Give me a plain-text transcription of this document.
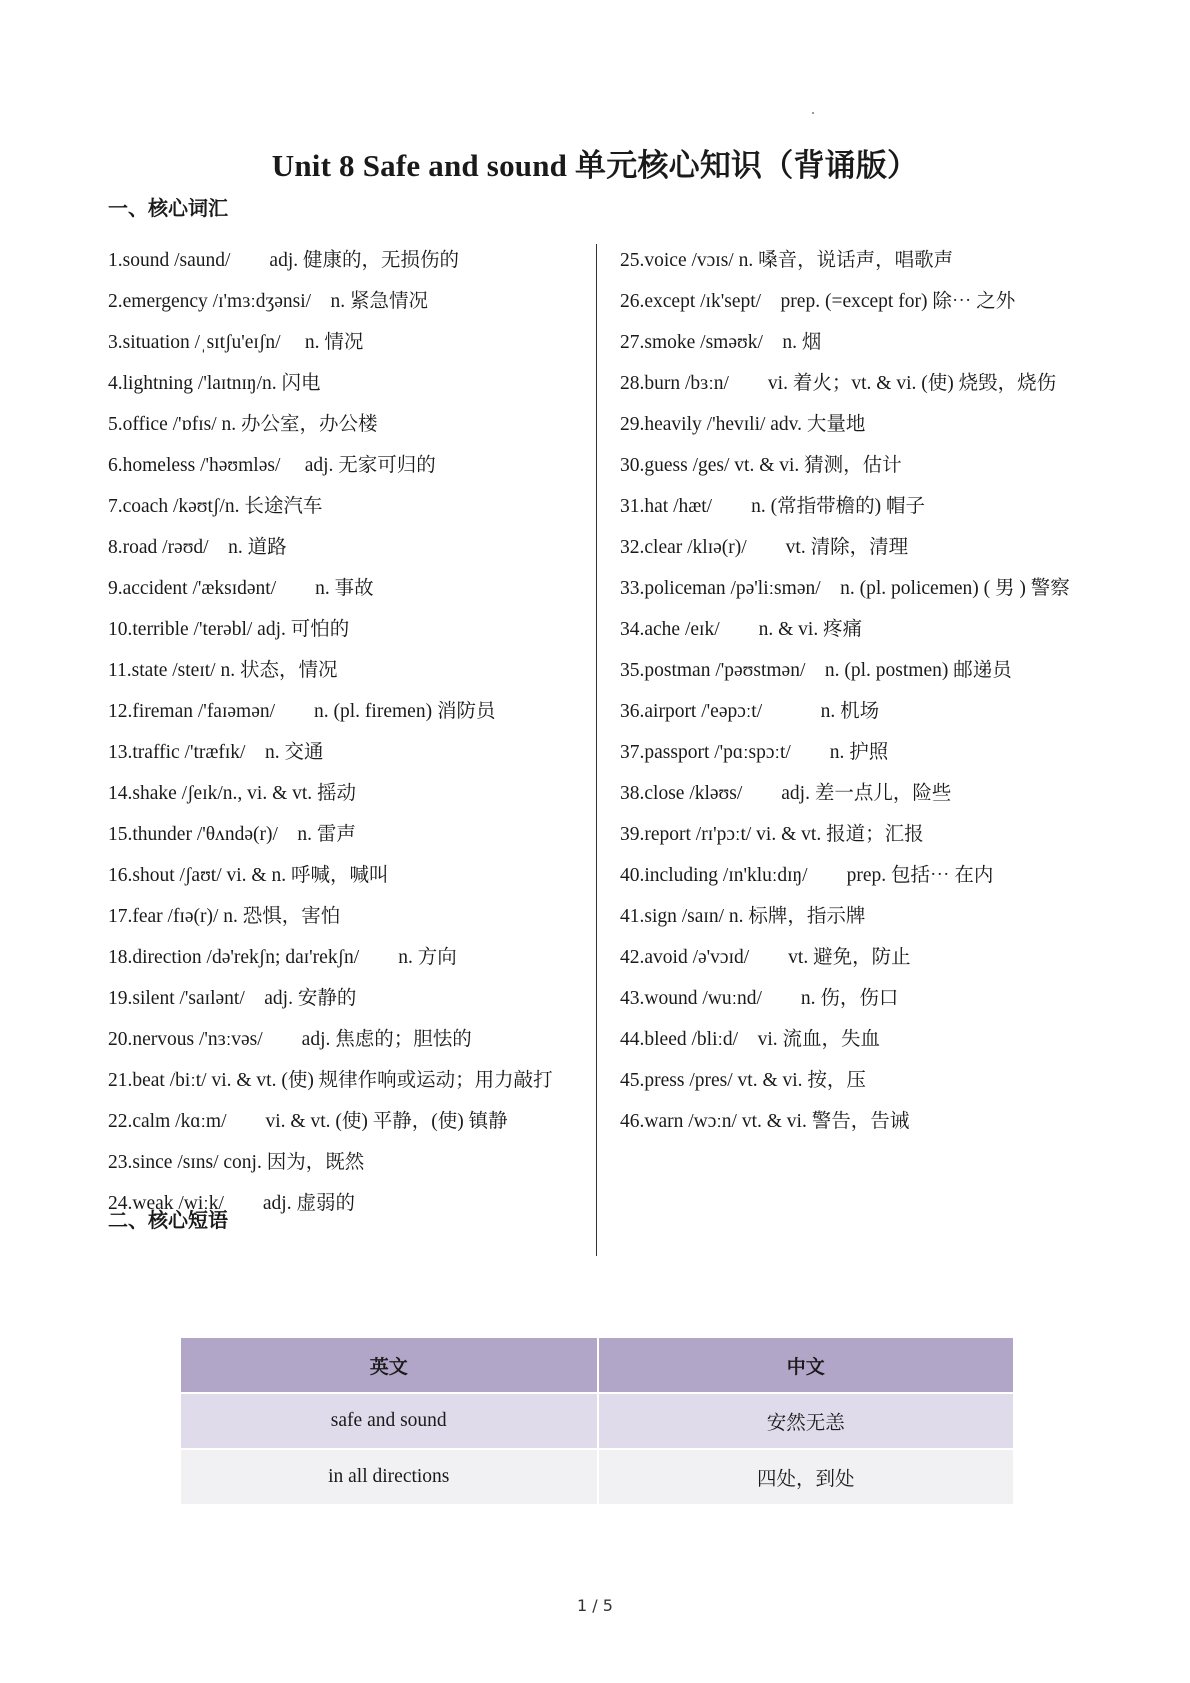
Unit 8 Safe and sound 单元核心知识（背诵版）
一、核心词汇

1.sound /saund/　　adj. 健康的，无损伤的

2.emergency /ɪ'mɜːdʒənsi/　n. 紧急情况

3.situation /ˌsɪtʃu'eɪʃn/　 n. 情况

4.lightning /'laɪtnɪŋ/n. 闪电

5.office /'ɒfɪs/ n. 办公室，办公楼

6.homeless /'həʊmləs/　 adj. 无家可归的

7.coach /kəʊtʃ/n. 长途汽车

8.road /rəʊd/　n. 道路

9.accident /'æksɪdənt/　　n. 事故

10.terrible /'terəbl/ adj. 可怕的

11.state /steɪt/ n. 状态，情况

12.fireman /'faɪəmən/　　n. (pl. firemen) 消防员

13.traffic /'træfɪk/　n. 交通

14.shake /ʃeɪk/n., vi. & vt. 摇动

15.thunder /'θʌndə(r)/　n. 雷声

16.shout /ʃaʊt/ vi. & n. 呼喊，喊叫

17.fear /fɪə(r)/ n. 恐惧，害怕

18.direction /də'rekʃn; daɪ'rekʃn/　　n. 方向

19.silent /'saɪlənt/　adj. 安静的

20.nervous /'nɜːvəs/　　adj. 焦虑的；胆怯的

21.beat /biːt/ vi. & vt. (使) 规律作响或运动；用力敲打

22.calm /kɑːm/　　vi. & vt. (使) 平静，(使) 镇静

23.since /sɪns/ conj. 因为，既然

24.weak /wiːk/　　adj. 虚弱的

25.voice /vɔɪs/ n. 嗓音，说话声，唱歌声

26.except /ɪk'sept/　prep. (=except for) 除⋯ 之外

27.smoke /sməʊk/　n. 烟

28.burn /bɜːn/　　vi. 着火；vt. & vi. (使) 烧毁，烧伤

29.heavily /'hevɪli/ adv. 大量地

30.guess /ges/ vt. & vi. 猜测，估计

31.hat /hæt/　　n. (常指带檐的) 帽子

32.clear /klɪə(r)/　　vt. 清除，清理

33.policeman /pə'liːsmən/　n. (pl. policemen) ( 男 ) 警察

34.ache /eɪk/　　n. & vi. 疼痛

35.postman /'pəʊstmən/　n. (pl. postmen) 邮递员

36.airport /'eəpɔːt/　　　n. 机场

37.passport /'pɑːspɔːt/　　n. 护照

38.close /kləʊs/　　adj. 差一点儿，险些

39.report /rɪ'pɔːt/ vi. & vt. 报道；汇报

40.including /ɪn'kluːdɪŋ/　　prep. 包括⋯ 在内

41.sign /saɪn/ n. 标牌，指示牌

42.avoid /ə'vɔɪd/　　vt. 避免，防止

43.wound /wuːnd/　　n. 伤，伤口

44.bleed /bliːd/　vi. 流血，失血

45.press /pres/ vt. & vi. 按，压

46.warn /wɔːn/ vt. & vi. 警告，告诫

二、核心短语
英文	中文
safe and sound	安然无恙
in all directions	四处，到处
1 / 5
